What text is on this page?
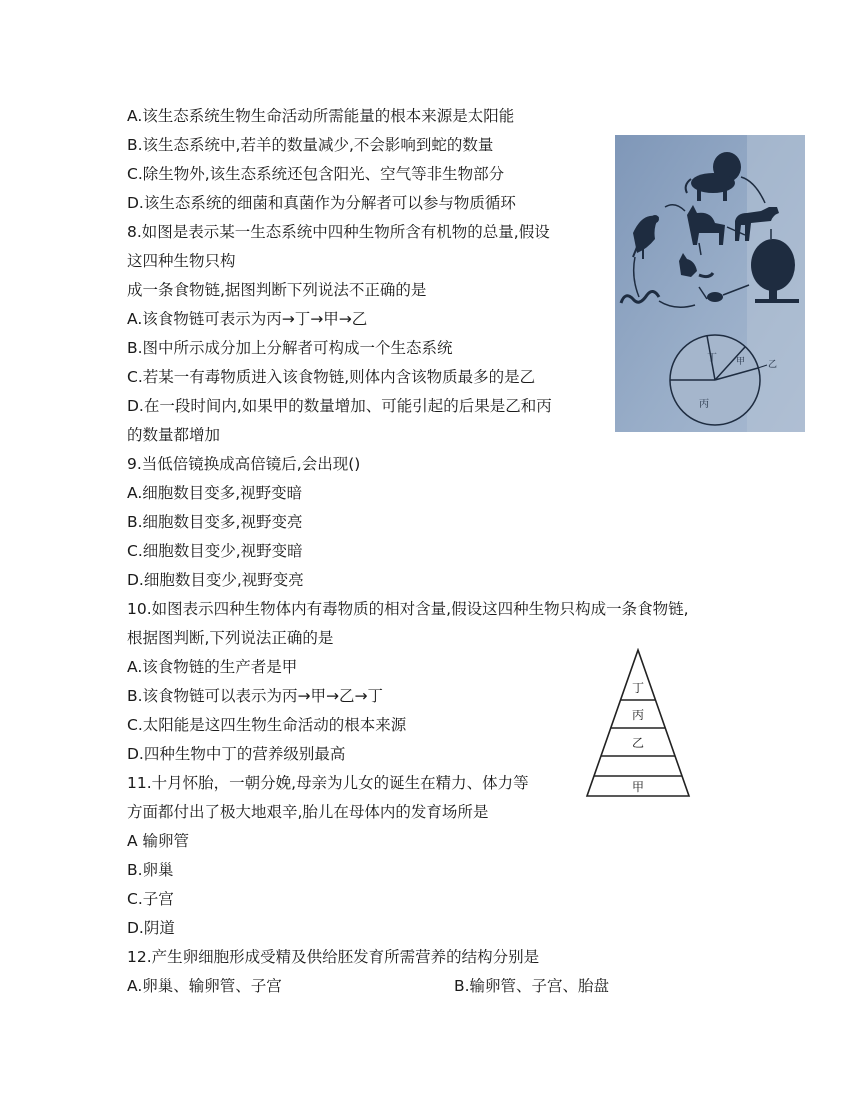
A.该生态系统生物生命活动所需能量的根本来源是太阳能
B.该生态系统中,若羊的数量减少,不会影响到蛇的数量
C.除生物外,该生态系统还包含阳光、空气等非生物部分
D.该生态系统的细菌和真菌作为分解者可以参与物质循环
8.如图是表示某一生态系统中四种生物所含有机物的总量,假设
这四种生物只构
成一条食物链,据图判断下列说法不正确的是
A.该食物链可表示为丙→丁→甲→乙
B.图中所示成分加上分解者可构成一个生态系统
C.若某一有毒物质进入该食物链,则体内含该物质最多的是乙
D.在一段时间内,如果甲的数量增加、可能引起的后果是乙和丙
的数量都增加
9.当低倍镜换成高倍镜后,会出现()
A.细胞数目变多,视野变暗
B.细胞数目变多,视野变亮
C.细胞数目变少,视野变暗
D.细胞数目变少,视野变亮
10.如图表示四种生物体内有毒物质的相对含量,假设这四种生物只构成一条食物链,
根据图判断,下列说法正确的是
A.该食物链的生产者是甲
B.该食物链可以表示为丙→甲→乙→丁
C.太阳能是这四生物生命活动的根本来源
D.四种生物中丁的营养级别最高
11.十月怀胎，一朝分娩,母亲为儿女的诞生在精力、体力等
方面都付出了极大地艰辛,胎儿在母体内的发育场所是
A 输卵管
B.卵巢
C.子宫
D.阴道
12.产生卵细胞形成受精及供给胚发育所需营养的结构分别是
A.卵巢、输卵管、子宫	B.输卵管、子宫、胎盘
丁 甲	乙
丙
丁
丙
乙
甲
